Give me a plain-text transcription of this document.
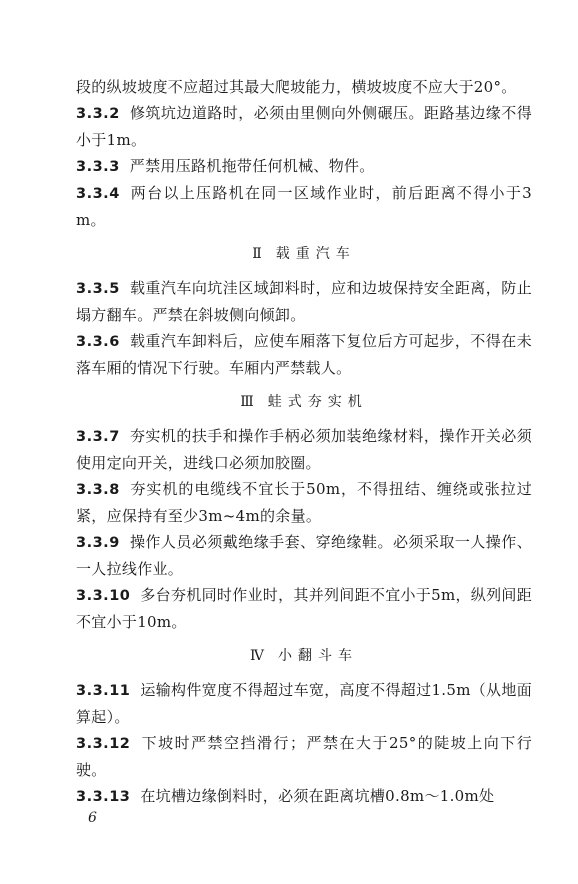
段的纵坡坡度不应超过其最大爬坡能力，横坡坡度不应大于20°。

3.3.2 修筑坑边道路时，必须由里侧向外侧碾压。距路基边缘不得小于1m。

3.3.3 严禁用压路机拖带任何机械、物件。

3.3.4 两台以上压路机在同一区域作业时，前后距离不得小于3m。

Ⅱ 载重汽车

3.3.5 载重汽车向坑洼区域卸料时，应和边坡保持安全距离，防止塌方翻车。严禁在斜坡侧向倾卸。

3.3.6 载重汽车卸料后，应使车厢落下复位后方可起步，不得在未落车厢的情况下行驶。车厢内严禁载人。

Ⅲ 蛙式夯实机

3.3.7 夯实机的扶手和操作手柄必须加装绝缘材料，操作开关必须使用定向开关，进线口必须加胶圈。

3.3.8 夯实机的电缆线不宜长于50m，不得扭结、缠绕或张拉过紧，应保持有至少3m~4m的余量。

3.3.9 操作人员必须戴绝缘手套、穿绝缘鞋。必须采取一人操作、一人拉线作业。

3.3.10 多台夯机同时作业时，其并列间距不宜小于5m，纵列间距不宜小于10m。

Ⅳ 小翻斗车

3.3.11 运输构件宽度不得超过车宽，高度不得超过1.5m（从地面算起）。

3.3.12 下坡时严禁空挡滑行；严禁在大于25°的陡坡上向下行驶。

3.3.13 在坑槽边缘倒料时，必须在距离坑槽0.8m～1.0m处

6
